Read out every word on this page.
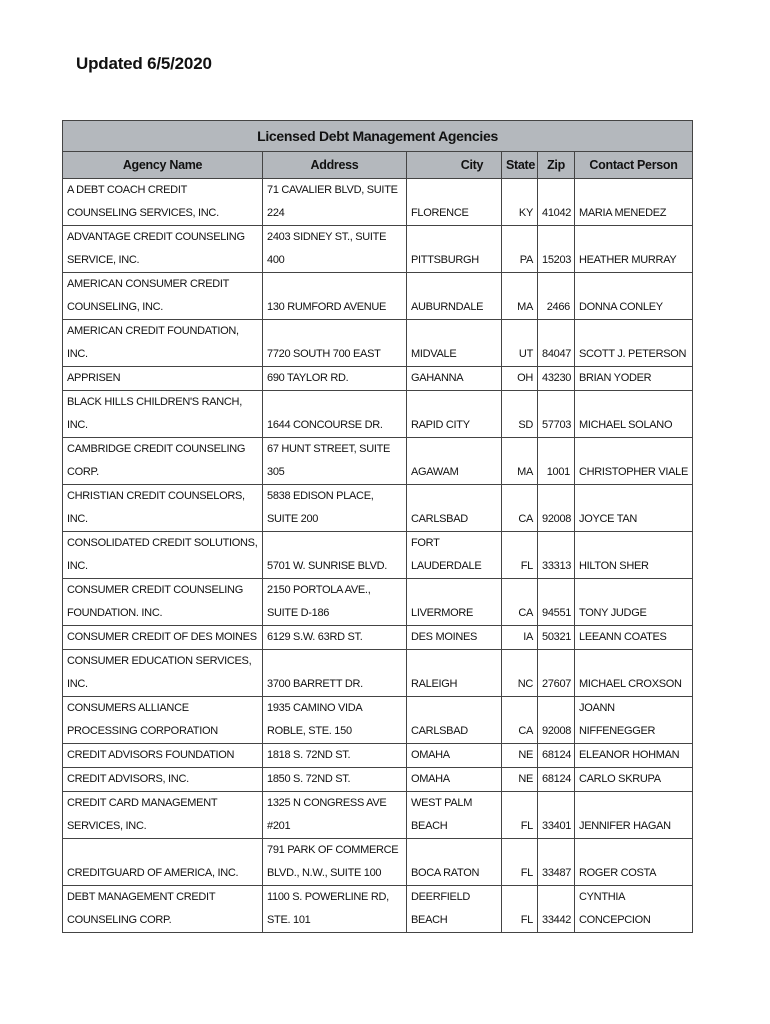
Updated 6/5/2020
Licensed Debt Management Agencies					
Agency Name	Address	City	State	Zip	Contact Person
A DEBT COACH CREDIT COUNSELING SERVICES, INC.	71 CAVALIER BLVD, SUITE 224	FLORENCE	KY	41042	MARIA MENEDEZ
ADVANTAGE CREDIT COUNSELING SERVICE, INC.	2403 SIDNEY ST., SUITE 400	PITTSBURGH	PA	15203	HEATHER MURRAY
AMERICAN CONSUMER CREDIT COUNSELING, INC.	130 RUMFORD AVENUE	AUBURNDALE	MA	2466	DONNA CONLEY
AMERICAN CREDIT FOUNDATION, INC.	7720 SOUTH 700 EAST	MIDVALE	UT	84047	SCOTT J. PETERSON
APPRISEN	690 TAYLOR RD.	GAHANNA	OH	43230	BRIAN YODER
BLACK HILLS CHILDREN'S RANCH, INC.	1644 CONCOURSE DR.	RAPID CITY	SD	57703	MICHAEL SOLANO
CAMBRIDGE CREDIT COUNSELING CORP.	67 HUNT STREET, SUITE 305	AGAWAM	MA	1001	CHRISTOPHER VIALE
CHRISTIAN CREDIT COUNSELORS, INC.	5838 EDISON PLACE, SUITE 200	CARLSBAD	CA	92008	JOYCE TAN
CONSOLIDATED CREDIT SOLUTIONS, INC.	5701 W. SUNRISE BLVD.	FORT LAUDERDALE	FL	33313	HILTON SHER
CONSUMER CREDIT COUNSELING FOUNDATION. INC.	2150 PORTOLA AVE., SUITE D-186	LIVERMORE	CA	94551	TONY JUDGE
CONSUMER CREDIT OF DES MOINES	6129 S.W. 63RD ST.	DES MOINES	IA	50321	LEEANN COATES
CONSUMER EDUCATION SERVICES, INC.	3700 BARRETT DR.	RALEIGH	NC	27607	MICHAEL CROXSON
CONSUMERS ALLIANCE PROCESSING CORPORATION	1935 CAMINO VIDA ROBLE, STE. 150	CARLSBAD	CA	92008	JOANN NIFFENEGGER
CREDIT ADVISORS FOUNDATION	1818 S. 72ND ST.	OMAHA	NE	68124	ELEANOR HOHMAN
CREDIT ADVISORS, INC.	1850 S. 72ND ST.	OMAHA	NE	68124	CARLO SKRUPA
CREDIT CARD MANAGEMENT SERVICES, INC.	1325 N CONGRESS AVE #201	WEST PALM BEACH	FL	33401	JENNIFER HAGAN
CREDITGUARD OF AMERICA, INC.	791 PARK OF COMMERCE BLVD., N.W., SUITE 100	BOCA RATON	FL	33487	ROGER COSTA
DEBT MANAGEMENT CREDIT COUNSELING CORP.	1100 S. POWERLINE RD, STE. 101	DEERFIELD BEACH	FL	33442	CYNTHIA CONCEPCION
